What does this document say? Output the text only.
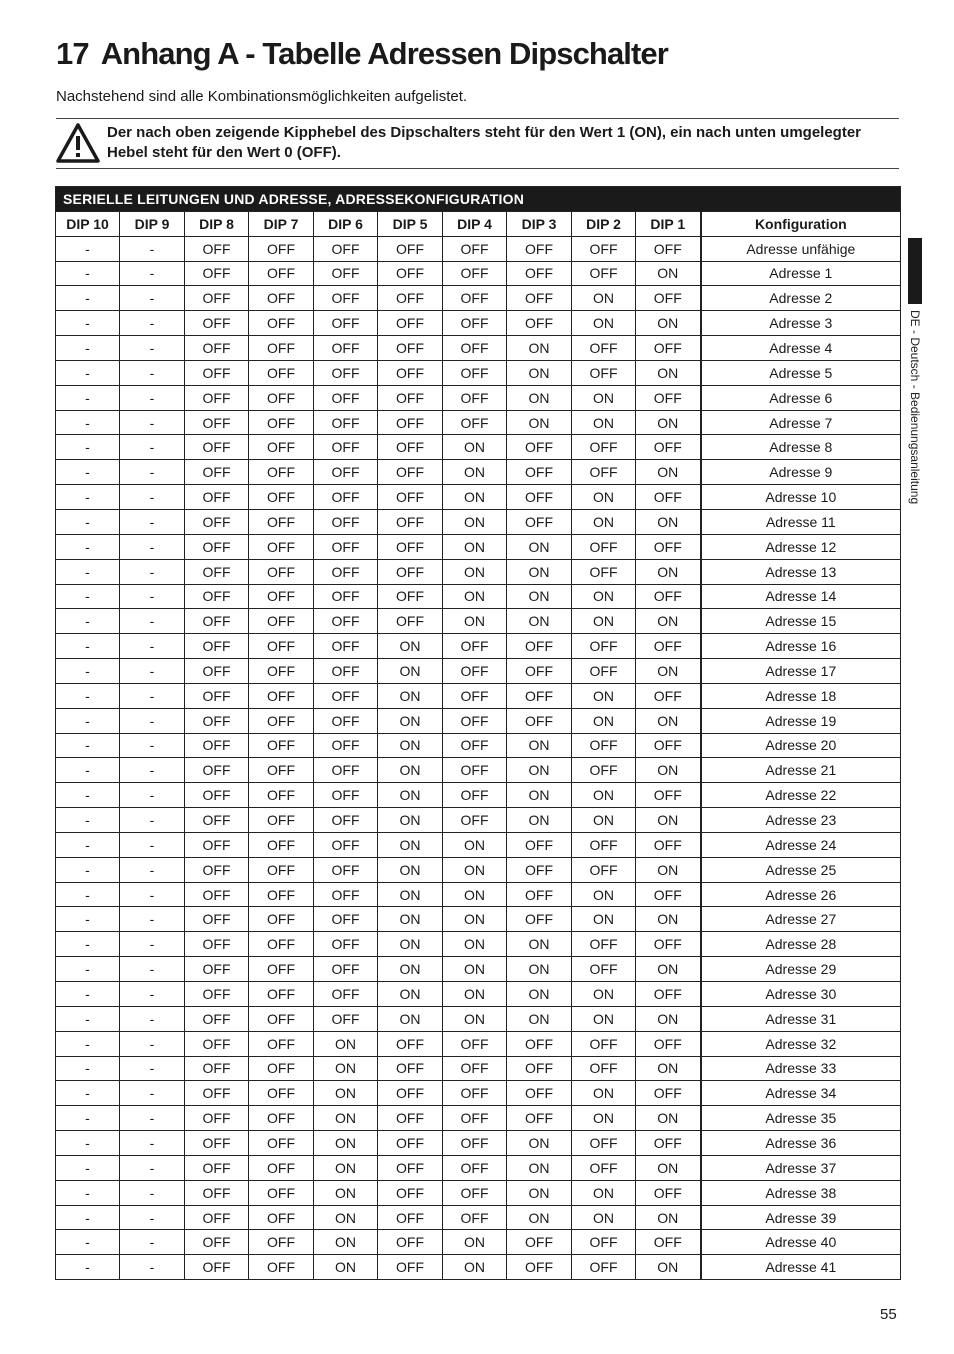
17 Anhang A - Tabelle Adressen Dipschalter

Nachstehend sind alle Kombinationsmöglichkeiten aufgelistet.

Der nach oben zeigende Kipphebel des Dipschalters steht für den Wert 1 (ON), ein nach unten umgelegter Hebel steht für den Wert 0 (OFF).
SERIELLE LEITUNGEN UND ADRESSE, ADRESSEKONFIGURATION										
DIP 10	DIP 9	DIP 8	DIP 7	DIP 6	DIP 5	DIP 4	DIP 3	DIP 2	DIP 1	Konfiguration
-	-	OFF	OFF	OFF	OFF	OFF	OFF	OFF	OFF	Adresse unfähige
-	-	OFF	OFF	OFF	OFF	OFF	OFF	OFF	ON	Adresse 1
-	-	OFF	OFF	OFF	OFF	OFF	OFF	ON	OFF	Adresse 2
-	-	OFF	OFF	OFF	OFF	OFF	OFF	ON	ON	Adresse 3
-	-	OFF	OFF	OFF	OFF	OFF	ON	OFF	OFF	Adresse 4
-	-	OFF	OFF	OFF	OFF	OFF	ON	OFF	ON	Adresse 5
-	-	OFF	OFF	OFF	OFF	OFF	ON	ON	OFF	Adresse 6
-	-	OFF	OFF	OFF	OFF	OFF	ON	ON	ON	Adresse 7
-	-	OFF	OFF	OFF	OFF	ON	OFF	OFF	OFF	Adresse 8
-	-	OFF	OFF	OFF	OFF	ON	OFF	OFF	ON	Adresse 9
-	-	OFF	OFF	OFF	OFF	ON	OFF	ON	OFF	Adresse 10
-	-	OFF	OFF	OFF	OFF	ON	OFF	ON	ON	Adresse 11
-	-	OFF	OFF	OFF	OFF	ON	ON	OFF	OFF	Adresse 12
-	-	OFF	OFF	OFF	OFF	ON	ON	OFF	ON	Adresse 13
-	-	OFF	OFF	OFF	OFF	ON	ON	ON	OFF	Adresse 14
-	-	OFF	OFF	OFF	OFF	ON	ON	ON	ON	Adresse 15
-	-	OFF	OFF	OFF	ON	OFF	OFF	OFF	OFF	Adresse 16
-	-	OFF	OFF	OFF	ON	OFF	OFF	OFF	ON	Adresse 17
-	-	OFF	OFF	OFF	ON	OFF	OFF	ON	OFF	Adresse 18
-	-	OFF	OFF	OFF	ON	OFF	OFF	ON	ON	Adresse 19
-	-	OFF	OFF	OFF	ON	OFF	ON	OFF	OFF	Adresse 20
-	-	OFF	OFF	OFF	ON	OFF	ON	OFF	ON	Adresse 21
-	-	OFF	OFF	OFF	ON	OFF	ON	ON	OFF	Adresse 22
-	-	OFF	OFF	OFF	ON	OFF	ON	ON	ON	Adresse 23
-	-	OFF	OFF	OFF	ON	ON	OFF	OFF	OFF	Adresse 24
-	-	OFF	OFF	OFF	ON	ON	OFF	OFF	ON	Adresse 25
-	-	OFF	OFF	OFF	ON	ON	OFF	ON	OFF	Adresse 26
-	-	OFF	OFF	OFF	ON	ON	OFF	ON	ON	Adresse 27
-	-	OFF	OFF	OFF	ON	ON	ON	OFF	OFF	Adresse 28
-	-	OFF	OFF	OFF	ON	ON	ON	OFF	ON	Adresse 29
-	-	OFF	OFF	OFF	ON	ON	ON	ON	OFF	Adresse 30
-	-	OFF	OFF	OFF	ON	ON	ON	ON	ON	Adresse 31
-	-	OFF	OFF	ON	OFF	OFF	OFF	OFF	OFF	Adresse 32
-	-	OFF	OFF	ON	OFF	OFF	OFF	OFF	ON	Adresse 33
-	-	OFF	OFF	ON	OFF	OFF	OFF	ON	OFF	Adresse 34
-	-	OFF	OFF	ON	OFF	OFF	OFF	ON	ON	Adresse 35
-	-	OFF	OFF	ON	OFF	OFF	ON	OFF	OFF	Adresse 36
-	-	OFF	OFF	ON	OFF	OFF	ON	OFF	ON	Adresse 37
-	-	OFF	OFF	ON	OFF	OFF	ON	ON	OFF	Adresse 38
-	-	OFF	OFF	ON	OFF	OFF	ON	ON	ON	Adresse 39
-	-	OFF	OFF	ON	OFF	ON	OFF	OFF	OFF	Adresse 40
-	-	OFF	OFF	ON	OFF	ON	OFF	OFF	ON	Adresse 41
DE - Deutsch - Bedienungsanleitung
55
